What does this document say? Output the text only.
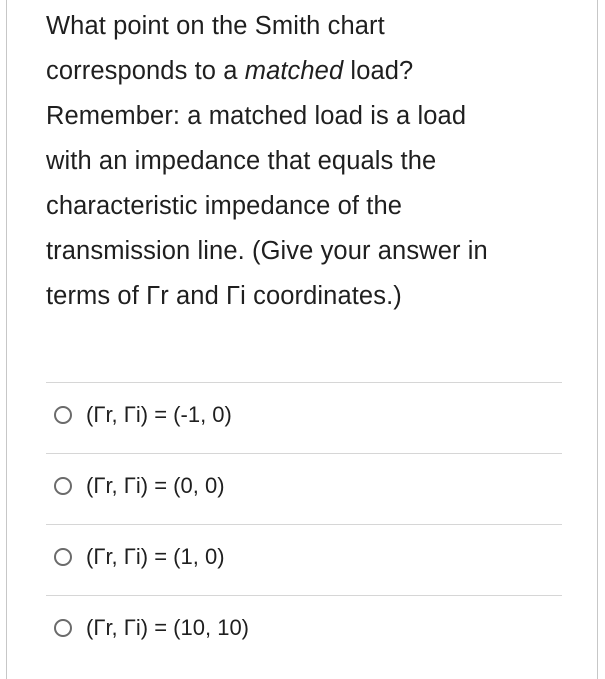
What point on the Smith chart
corresponds to a matched load?
Remember: a matched load is a load
with an impedance that equals the
characteristic impedance of the
transmission line. (Give your answer in
terms of Γr and Γi coordinates.)

(Γr, Γi) = (-1, 0)
(Γr, Γi) = (0, 0)
(Γr, Γi) = (1, 0)
(Γr, Γi) = (10, 10)
